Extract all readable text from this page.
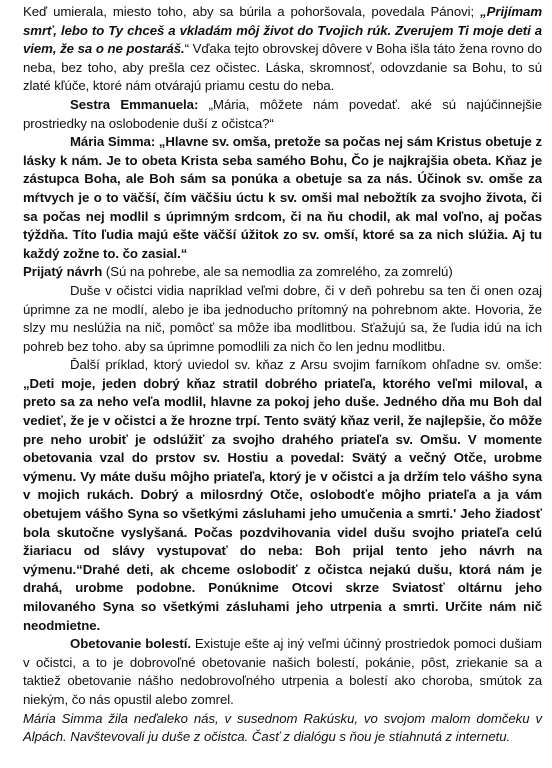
Keď umierala, miesto toho, aby sa búrila a pohoršovala, povedala Pánovi; „Prijímam smrť, lebo to Ty chceš a vkladám môj život do Tvojich rúk. Zverujem Ti moje deti a viem, že sa o ne postaráš.“ Vďaka tejto obrovskej dôvere v Boha išla táto žena rovno do neba, bez toho, aby prešla cez očistec. Láska, skromnosť, odovzdanie sa Bohu, to sú zlaté kľúče, ktoré nám otvárajú priamu cestu do neba.

Sestra Emmanuela: „Mária, môžete nám povedať. aké sú najúčinnejšie prostriedky na oslobodenie duší z očistca?“

Mária Simma: „Hlavne sv. omša, pretože sa počas nej sám Kristus obetuje z lásky k nám. Je to obeta Krista seba samého Bohu, Čo je najkrajšia obeta. Kňaz je zástupca Boha, ale Boh sám sa ponúka a obetuje sa za nás. Účinok sv. omše za mŕtvych je o to väčší, čím väčšiu úctu k sv. omši mal nebožtík za svojho života, či sa počas nej modlil s úprimným srdcom, či na ňu chodil, ak mal voľno, aj počas týždňa. Títo ľudia majú ešte väčší úžitok zo sv. omší, ktoré sa za nich slúžia. Aj tu každý zožne to. čo zasial.“

Prijatý návrh (Sú na pohrebe, ale sa nemodlia za zomrelého, za zomrelú)

Duše v očistci vidia napríklad veľmi dobre, či v deň pohrebu sa ten či onen ozaj úprimne za ne modlí, alebo je iba jednoducho prítomný na pohrebnom akte. Hovoria, že slzy mu neslúžia na nič, pomôcť sa môže iba modlitbou. Sťažujú sa, že ľudia idú na ich pohreb bez toho. aby sa úprimne pomodlili za nich čo len jednu modlitbu.

Ďalší príklad, ktorý uviedol sv. kňaz z Arsu svojim farníkom ohľadne sv. omše: „Deti moje, jeden dobrý kňaz stratil dobrého priateľa, ktorého veľmi miloval, a preto sa za neho veľa modlil, hlavne za pokoj jeho duše. Jedného dňa mu Boh dal vedieť, že je v očistci a že hrozne trpí. Tento svätý kňaz veril, že najlepšie, čo môže pre neho urobiť je odslúžiť za svojho drahého priateľa sv. Omšu. V momente obetovania vzal do prstov sv. Hostiu a povedal: Svätý a večný Otče, urobme výmenu. Vy máte dušu môjho priateľa, ktorý je v očistci a ja držím telo vášho syna v mojich rukách. Dobrý a milosrdný Otče, oslobodťe môjho priateľa a ja vám obetujem vášho Syna so všetkými zásluhami jeho umučenia a smrti.' Jeho žiadosť bola skutočne vyslyšaná. Počas pozdvihovania videl dušu svojho priateľa celú žiariacu od slávy vystupovať do neba: Boh prijal tento jeho návrh na výmenu.“Drahé deti, ak chceme oslobodiť z očistca nejakú dušu, ktorá nám je drahá, urobme podobne. Ponúknime Otcovi skrze Sviatosť oltárnu jeho milovaného Syna so všetkými zásluhami jeho utrpenia a smrti. Určite nám nič neodmietne.

Obetovanie bolestí. Existuje ešte aj iný veľmi účinný prostriedok pomoci dušiam v očistci, a to je dobrovoľné obetovanie našich bolestí, pokánie, pôst, zriekanie sa a taktiež obetovanie nášho nedobrovoľného utrpenia a bolestí ako choroba, smútok za niekým, čo nás opustil alebo zomrel.

Mária Simma žila neďaleko nás, v susednom Rakúsku, vo svojom malom domčeku v Alpách. Navštevovali ju duše z očistca. Časť z dialógu s ňou je stiahnutá z internetu.
